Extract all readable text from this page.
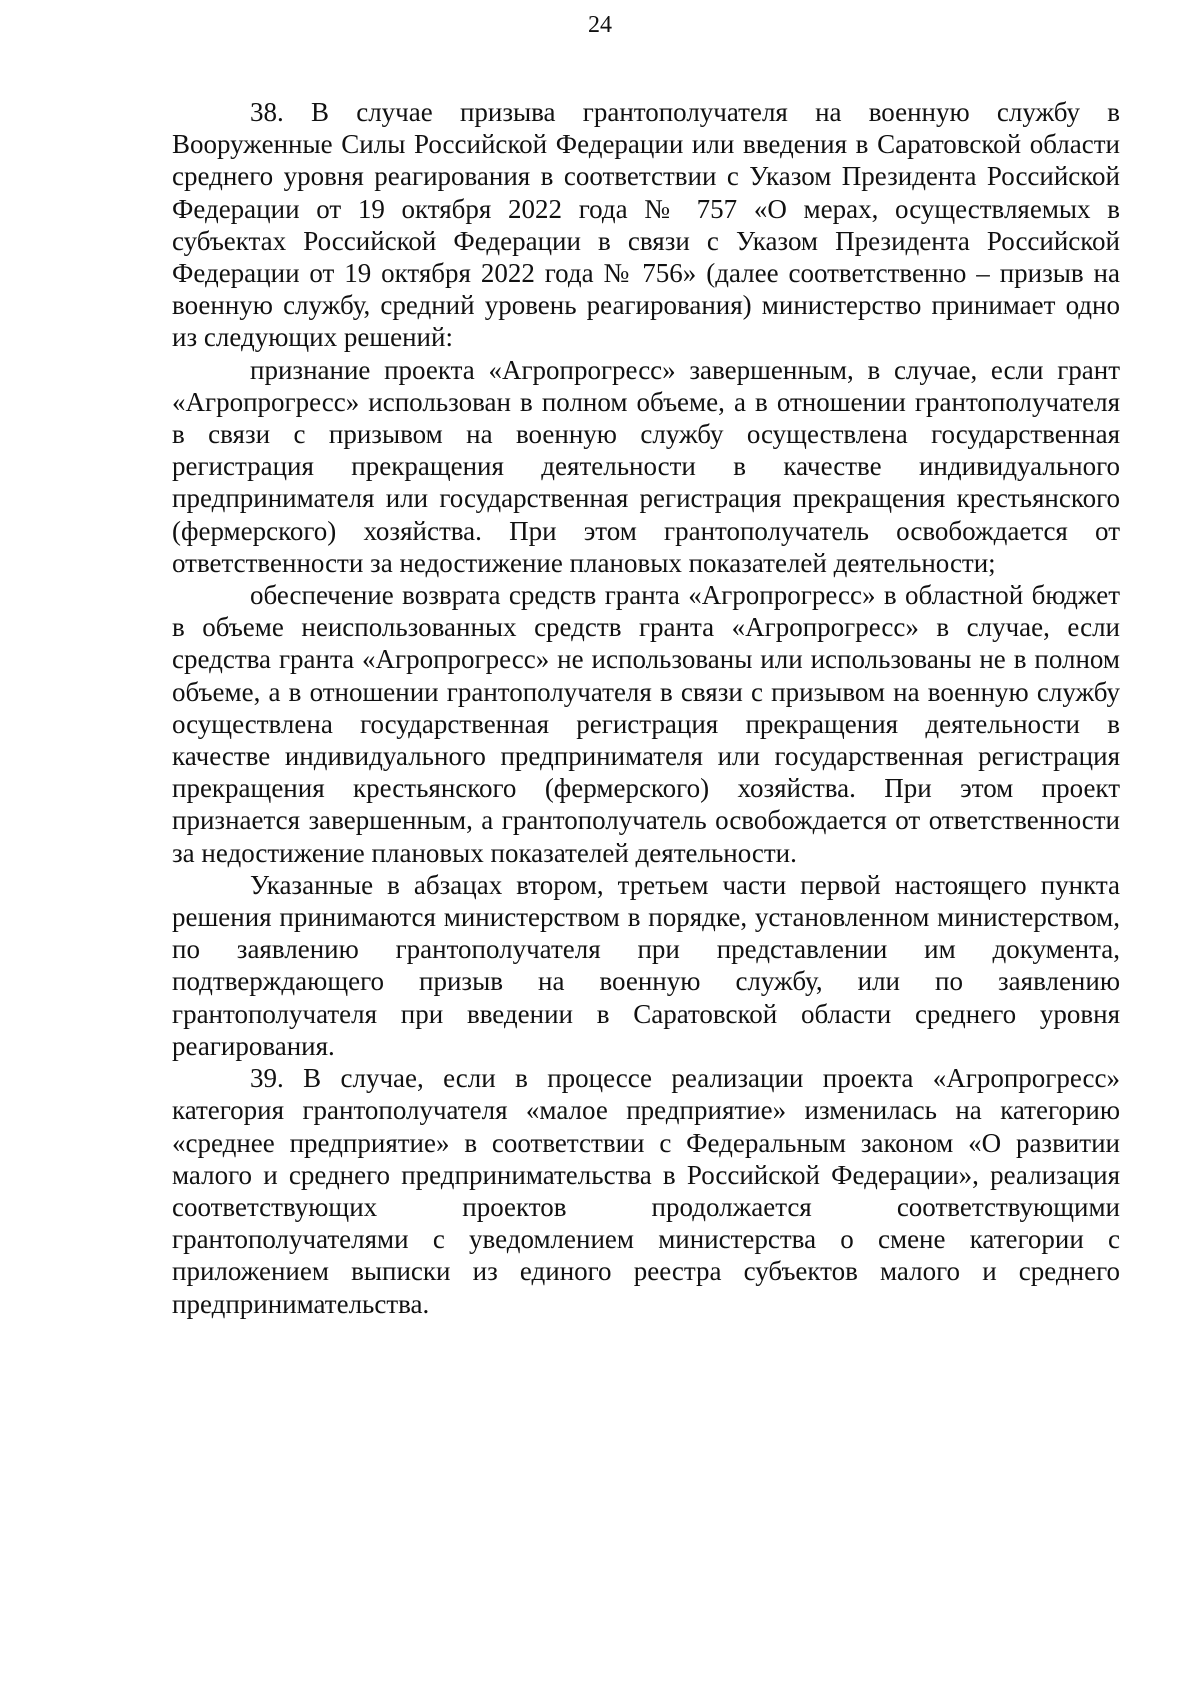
24

38. В случае призыва грантополучателя на военную службу в Вооруженные Силы Российской Федерации или введения в Саратовской области среднего уровня реагирования в соответствии с Указом Президента Российской Федерации от 19 октября 2022 года № 757 «О мерах, осуществляемых в субъектах Российской Федерации в связи с Указом Президента Российской Федерации от 19 октября 2022 года № 756» (далее соответственно – призыв на военную службу, средний уровень реагирования) министерство принимает одно из следующих решений:

признание проекта «Агропрогресс» завершенным, в случае, если грант «Агропрогресс» использован в полном объеме, а в отношении грантополучателя в связи с призывом на военную службу осуществлена государственная регистрация прекращения деятельности в качестве индивидуального предпринимателя или государственная регистрация прекращения крестьянского (фермерского) хозяйства. При этом грантополучатель освобождается от ответственности за недостижение плановых показателей деятельности;

обеспечение возврата средств гранта «Агропрогресс» в областной бюджет в объеме неиспользованных средств гранта «Агропрогресс» в случае, если средства гранта «Агропрогресс» не использованы или использованы не в полном объеме, а в отношении грантополучателя в связи с призывом на военную службу осуществлена государственная регистрация прекращения деятельности в качестве индивидуального предпринимателя или государственная регистрация прекращения крестьянского (фермерского) хозяйства. При этом проект признается завершенным, а грантополучатель освобождается от ответственности за недостижение плановых показателей деятельности.

Указанные в абзацах втором, третьем части первой настоящего пункта решения принимаются министерством в порядке, установленном министерством, по заявлению грантополучателя при представлении им документа, подтверждающего призыв на военную службу, или по заявлению грантополучателя при введении в Саратовской области среднего уровня реагирования.

39. В случае, если в процессе реализации проекта «Агропрогресс» категория грантополучателя «малое предприятие» изменилась на категорию «среднее предприятие» в соответствии с Федеральным законом «О развитии малого и среднего предпринимательства в Российской Федерации», реализация соответствующих проектов продолжается соответствующими грантополучателями с уведомлением министерства о смене категории с приложением выписки из единого реестра субъектов малого и среднего предпринимательства.
